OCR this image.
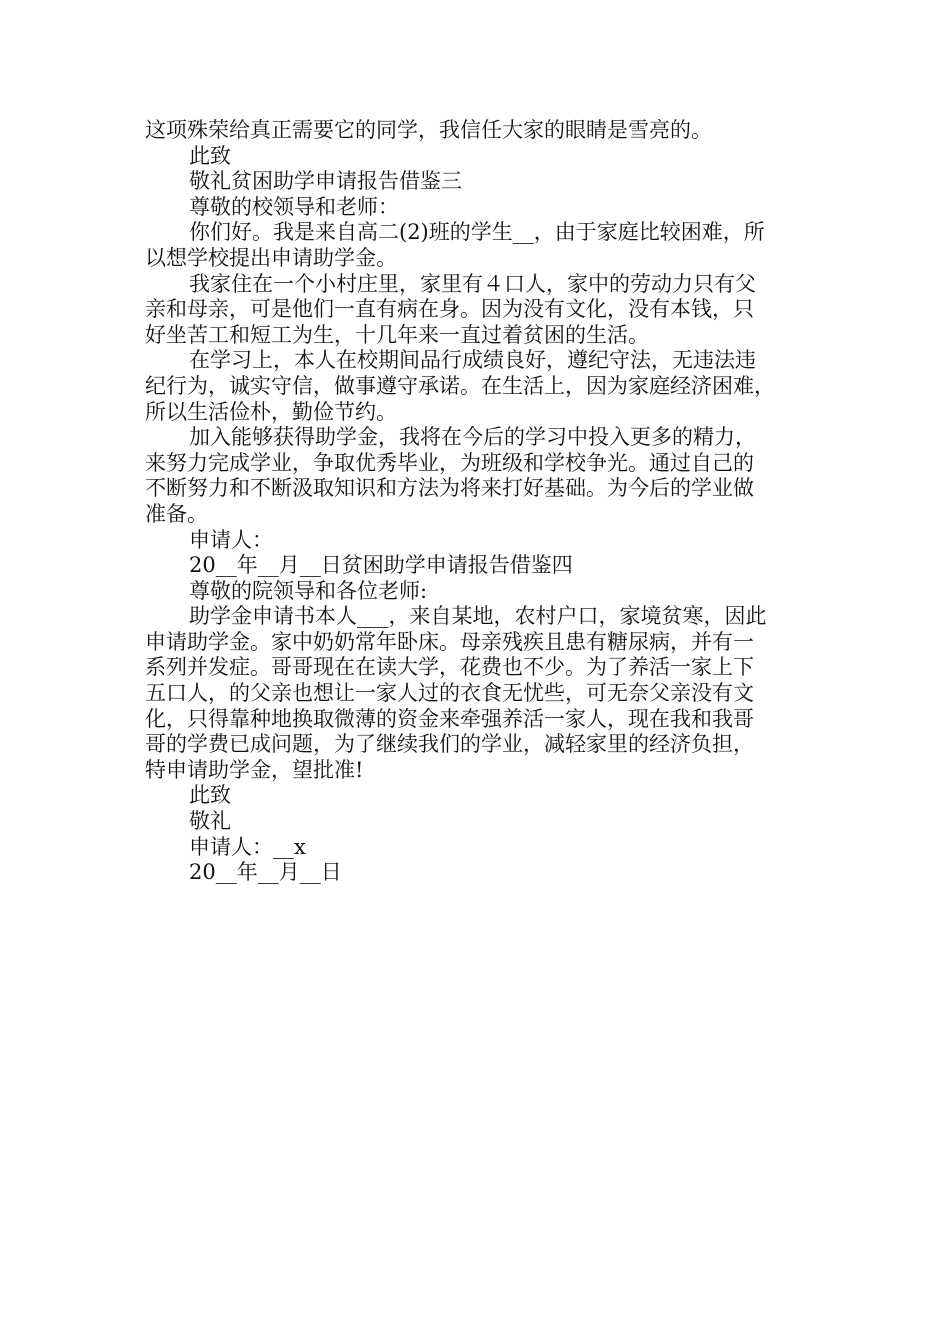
这项殊荣给真正需要它的同学，我信任大家的眼睛是雪亮的。
此致
敬礼贫困助学申请报告借鉴三
尊敬的校领导和老师：
你们好。我是来自高二(2)班的学生__，由于家庭比较困难，所
以想学校提出申请助学金。
我家住在一个小村庄里，家里有４口人，家中的劳动力只有父
亲和母亲，可是他们一直有病在身。因为没有文化，没有本钱，只
好坐苦工和短工为生，十几年来一直过着贫困的生活。
在学习上，本人在校期间品行成绩良好，遵纪守法，无违法违
纪行为，诚实守信，做事遵守承诺。在生活上，因为家庭经济困难，
所以生活俭朴，勤俭节约。
加入能够获得助学金，我将在今后的学习中投入更多的精力，
来努力完成学业，争取优秀毕业，为班级和学校争光。通过自己的
不断努力和不断汲取知识和方法为将来打好基础。为今后的学业做
准备。
申请人：
20__年__月__日贫困助学申请报告借鉴四
尊敬的院领导和各位老师:
助学金申请书本人___，来自某地，农村户口，家境贫寒，因此
申请助学金。家中奶奶常年卧床。母亲残疾且患有糖尿病，并有一
系列并发症。哥哥现在在读大学，花费也不少。为了养活一家上下
五口人，的父亲也想让一家人过的衣食无忧些，可无奈父亲没有文
化，只得靠种地换取微薄的资金来牵强养活一家人，现在我和我哥
哥的学费已成问题，为了继续我们的学业，减轻家里的经济负担，
特申请助学金，望批准!
此致
敬礼
申请人：__x
20__年__月__日
